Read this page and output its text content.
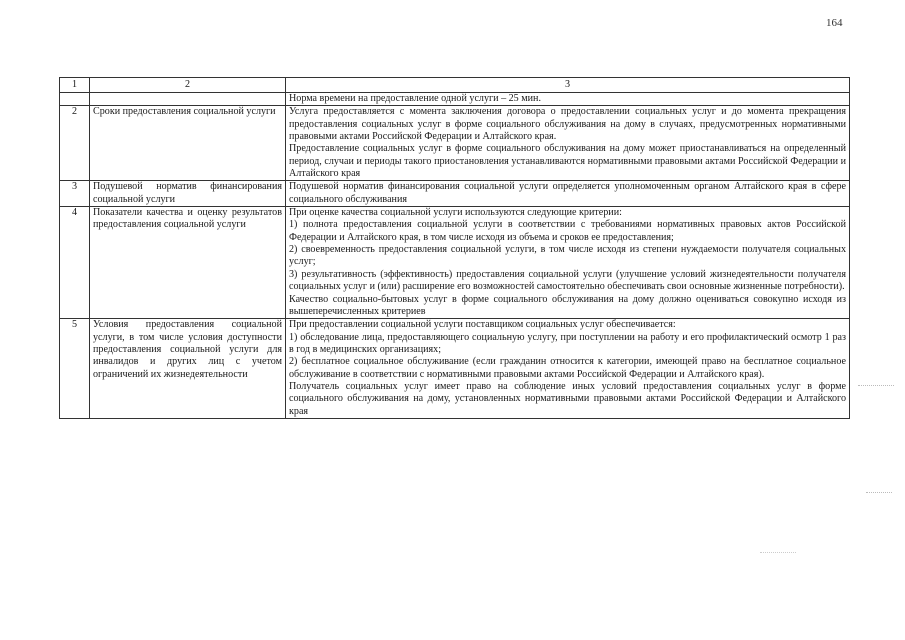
164
1	2	3

		Норма времени на предоставление одной услуги – 25 мин.

2	Сроки предоставления социальной услуги	Услуга предоставляется с момента заключения договора о предоставлении социальных услуг и до момента прекращения предоставления социальных услуг в форме социального обслуживания на дому в случаях, предусмотренных нормативными правовыми актами Российской Федерации и Алтайского края.
Предоставление социальных услуг в форме социального обслуживания на дому может приостанавливаться на определенный период, случаи и периоды такого приостановления устанавливаются нормативными правовыми актами Российской Федерации и Алтайского края

3	Подушевой норматив финансирования социальной услуги	Подушевой норматив финансирования социальной услуги определяется уполномоченным органом Алтайского края в сфере социального обслуживания

4	Показатели качества и оценку результатов предоставления социальной услуги	При оценке качества социальной услуги используются следующие критерии:
1) полнота предоставления социальной услуги в соответствии с требованиями нормативных правовых актов Российской Федерации и Алтайского края, в том числе исходя из объема и сроков ее предоставления;
2) своевременность предоставления социальной услуги, в том числе исходя из степени нуждаемости получателя социальных услуг;
3) результативность (эффективность) предоставления социальной услуги (улучшение условий жизнедеятельности получателя социальных услуг и (или) расширение его возможностей самостоятельно обеспечивать свои основные жизненные потребности).
Качество социально-бытовых услуг в форме социального обслуживания на дому должно оцениваться совокупно исходя из вышеперечисленных критериев

5	Условия предоставления социальной услуги, в том числе условия доступности предоставления социальной услуги для инвалидов и других лиц с учетом ограничений их жизнедеятельности	При предоставлении социальной услуги поставщиком социальных услуг обеспечивается:
1) обследование лица, предоставляющего социальную услугу, при поступлении на работу и его профилактический осмотр 1 раз в год в медицинских организациях;
2) бесплатное социальное обслуживание (если гражданин относится к категории, имеющей право на бесплатное социальное обслуживание в соответствии с нормативными правовыми актами Российской Федерации и Алтайского края).
Получатель социальных услуг имеет право на соблюдение иных условий предоставления социальных услуг в форме социального обслуживания на дому, установленных нормативными правовыми актами Российской Федерации и Алтайского края
